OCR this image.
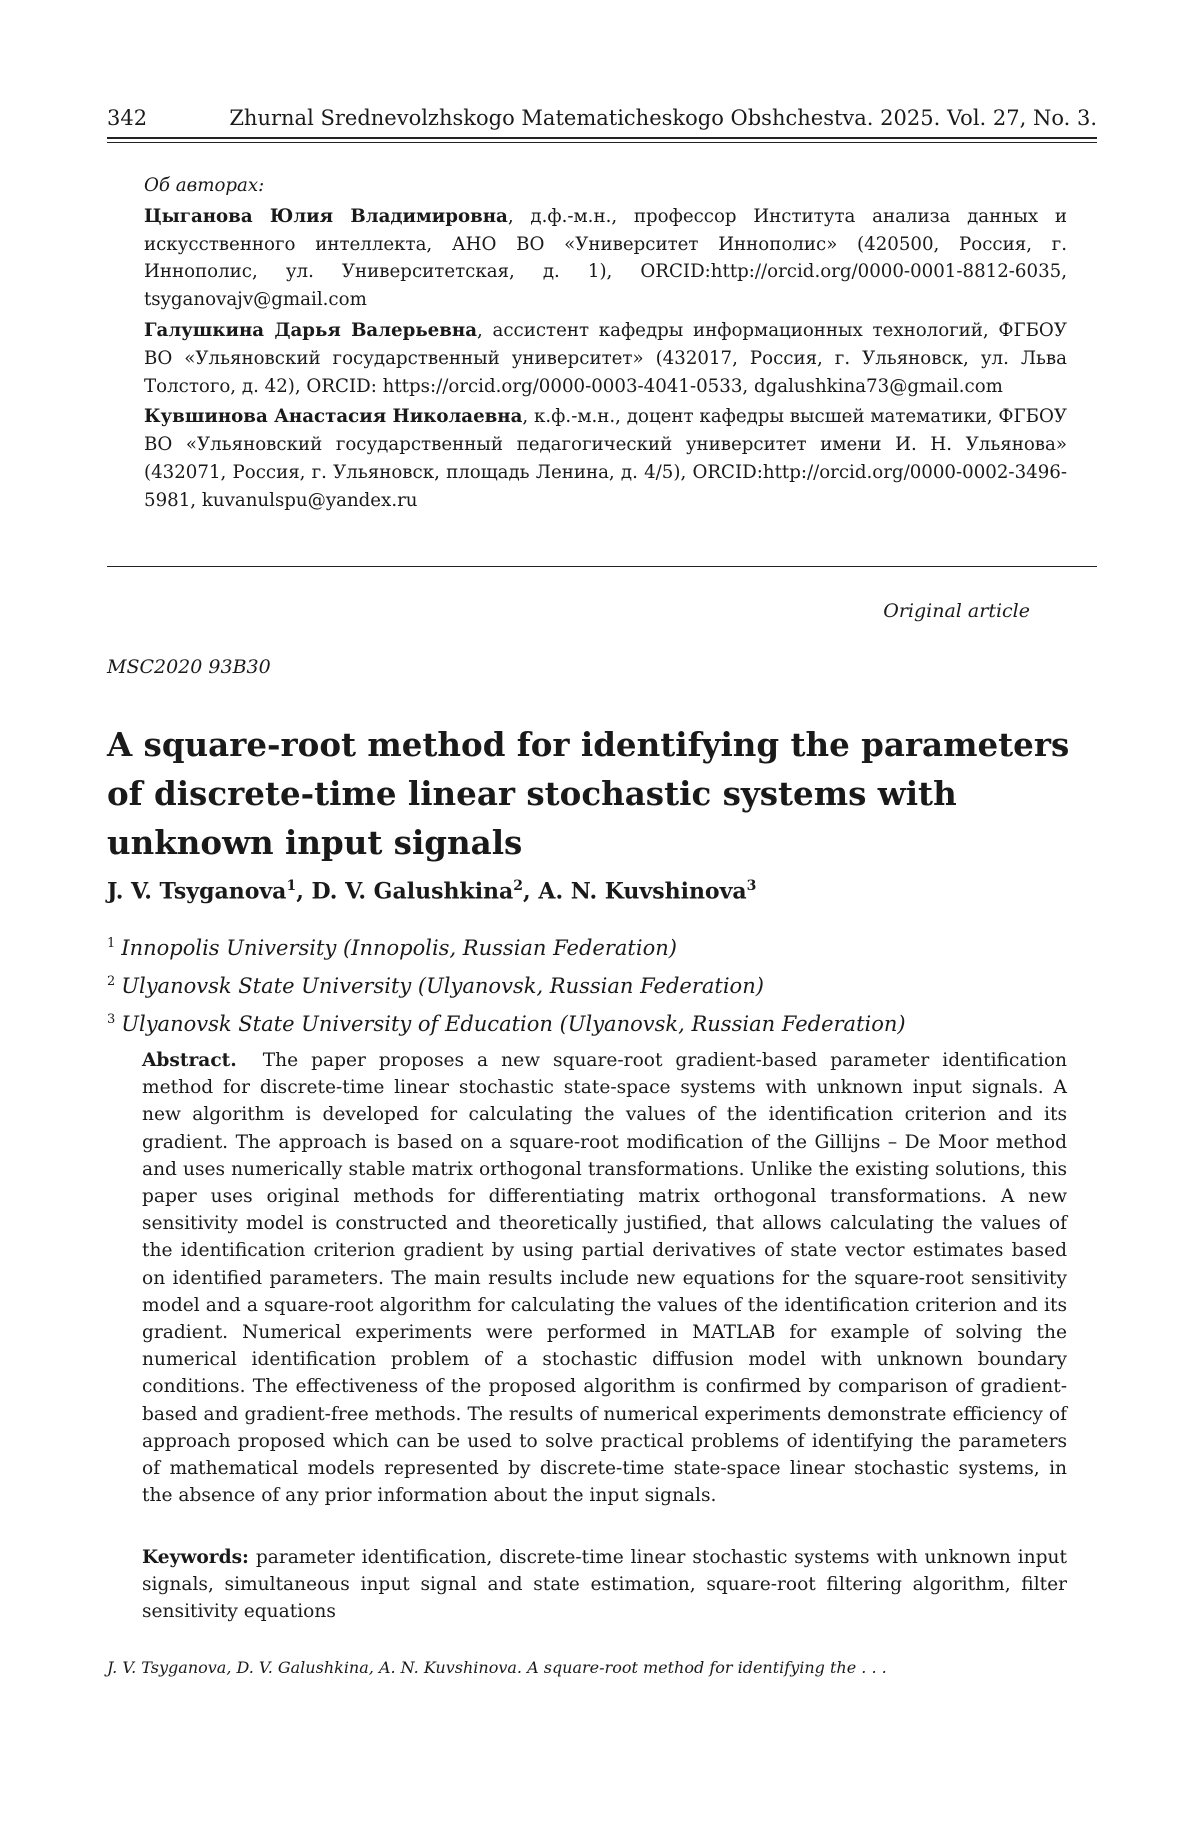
342	Zhurnal Srednevolzhskogo Matematicheskogo Obshchestva. 2025. Vol. 27, No. 3.
Об авторах:
Цыганова Юлия Владимировна, д.ф.-м.н., профессор Института анализа данных и искусственного интеллекта, АНО ВО «Университет Иннополис» (420500, Россия, г. Иннополис, ул. Университетская, д. 1), ORCID:http://orcid.org/0000-0001-8812-6035, tsyganovajv@gmail.com
Галушкина Дарья Валерьевна, ассистент кафедры информационных технологий, ФГБОУ ВО «Ульяновский государственный университет» (432017, Россия, г. Ульяновск, ул. Льва Толстого, д. 42), ORCID: https://orcid.org/0000-0003-4041-0533, dgalushkina73@gmail.com
Кувшинова Анастасия Николаевна, к.ф.-м.н., доцент кафедры высшей математики, ФГБОУ ВО «Ульяновский государственный педагогический университет имени И. Н. Ульянова» (432071, Россия, г. Ульяновск, площадь Ленина, д. 4/5), ORCID:http://orcid.org/0000-0002-3496-5981, kuvanulspu@yandex.ru
Original article
MSC2020 93B30
A square-root method for identifying the parameters of discrete-time linear stochastic systems with unknown input signals
J. V. Tsyganova$^1$, D. V. Galushkina$^2$, A. N. Kuvshinova$^3$
$^1$ Innopolis University (Innopolis, Russian Federation)
$^2$ Ulyanovsk State University (Ulyanovsk, Russian Federation)
$^3$ Ulyanovsk State University of Education (Ulyanovsk, Russian Federation)
Abstract. The paper proposes a new square-root gradient-based parameter identification method for discrete-time linear stochastic state-space systems with unknown input signals. A new algorithm is developed for calculating the values of the identification criterion and its gradient. The approach is based on a square-root modification of the Gillijns – De Moor method and uses numerically stable matrix orthogonal transformations. Unlike the existing solutions, this paper uses original methods for differentiating matrix orthogonal transformations. A new sensitivity model is constructed and theoretically justified, that allows calculating the values of the identification criterion gradient by using partial derivatives of state vector estimates based on identified parameters. The main results include new equations for the square-root sensitivity model and a square-root algorithm for calculating the values of the identification criterion and its gradient. Numerical experiments were performed in MATLAB for example of solving the numerical identification problem of a stochastic diffusion model with unknown boundary conditions. The effectiveness of the proposed algorithm is confirmed by comparison of gradient-based and gradient-free methods. The results of numerical experiments demonstrate efficiency of approach proposed which can be used to solve practical problems of identifying the parameters of mathematical models represented by discrete-time state-space linear stochastic systems, in the absence of any prior information about the input signals.
Keywords: parameter identification, discrete-time linear stochastic systems with unknown input signals, simultaneous input signal and state estimation, square-root filtering algorithm, filter sensitivity equations
J. V. Tsyganova, D. V. Galushkina, A. N. Kuvshinova. A square-root method for identifying the . . .
